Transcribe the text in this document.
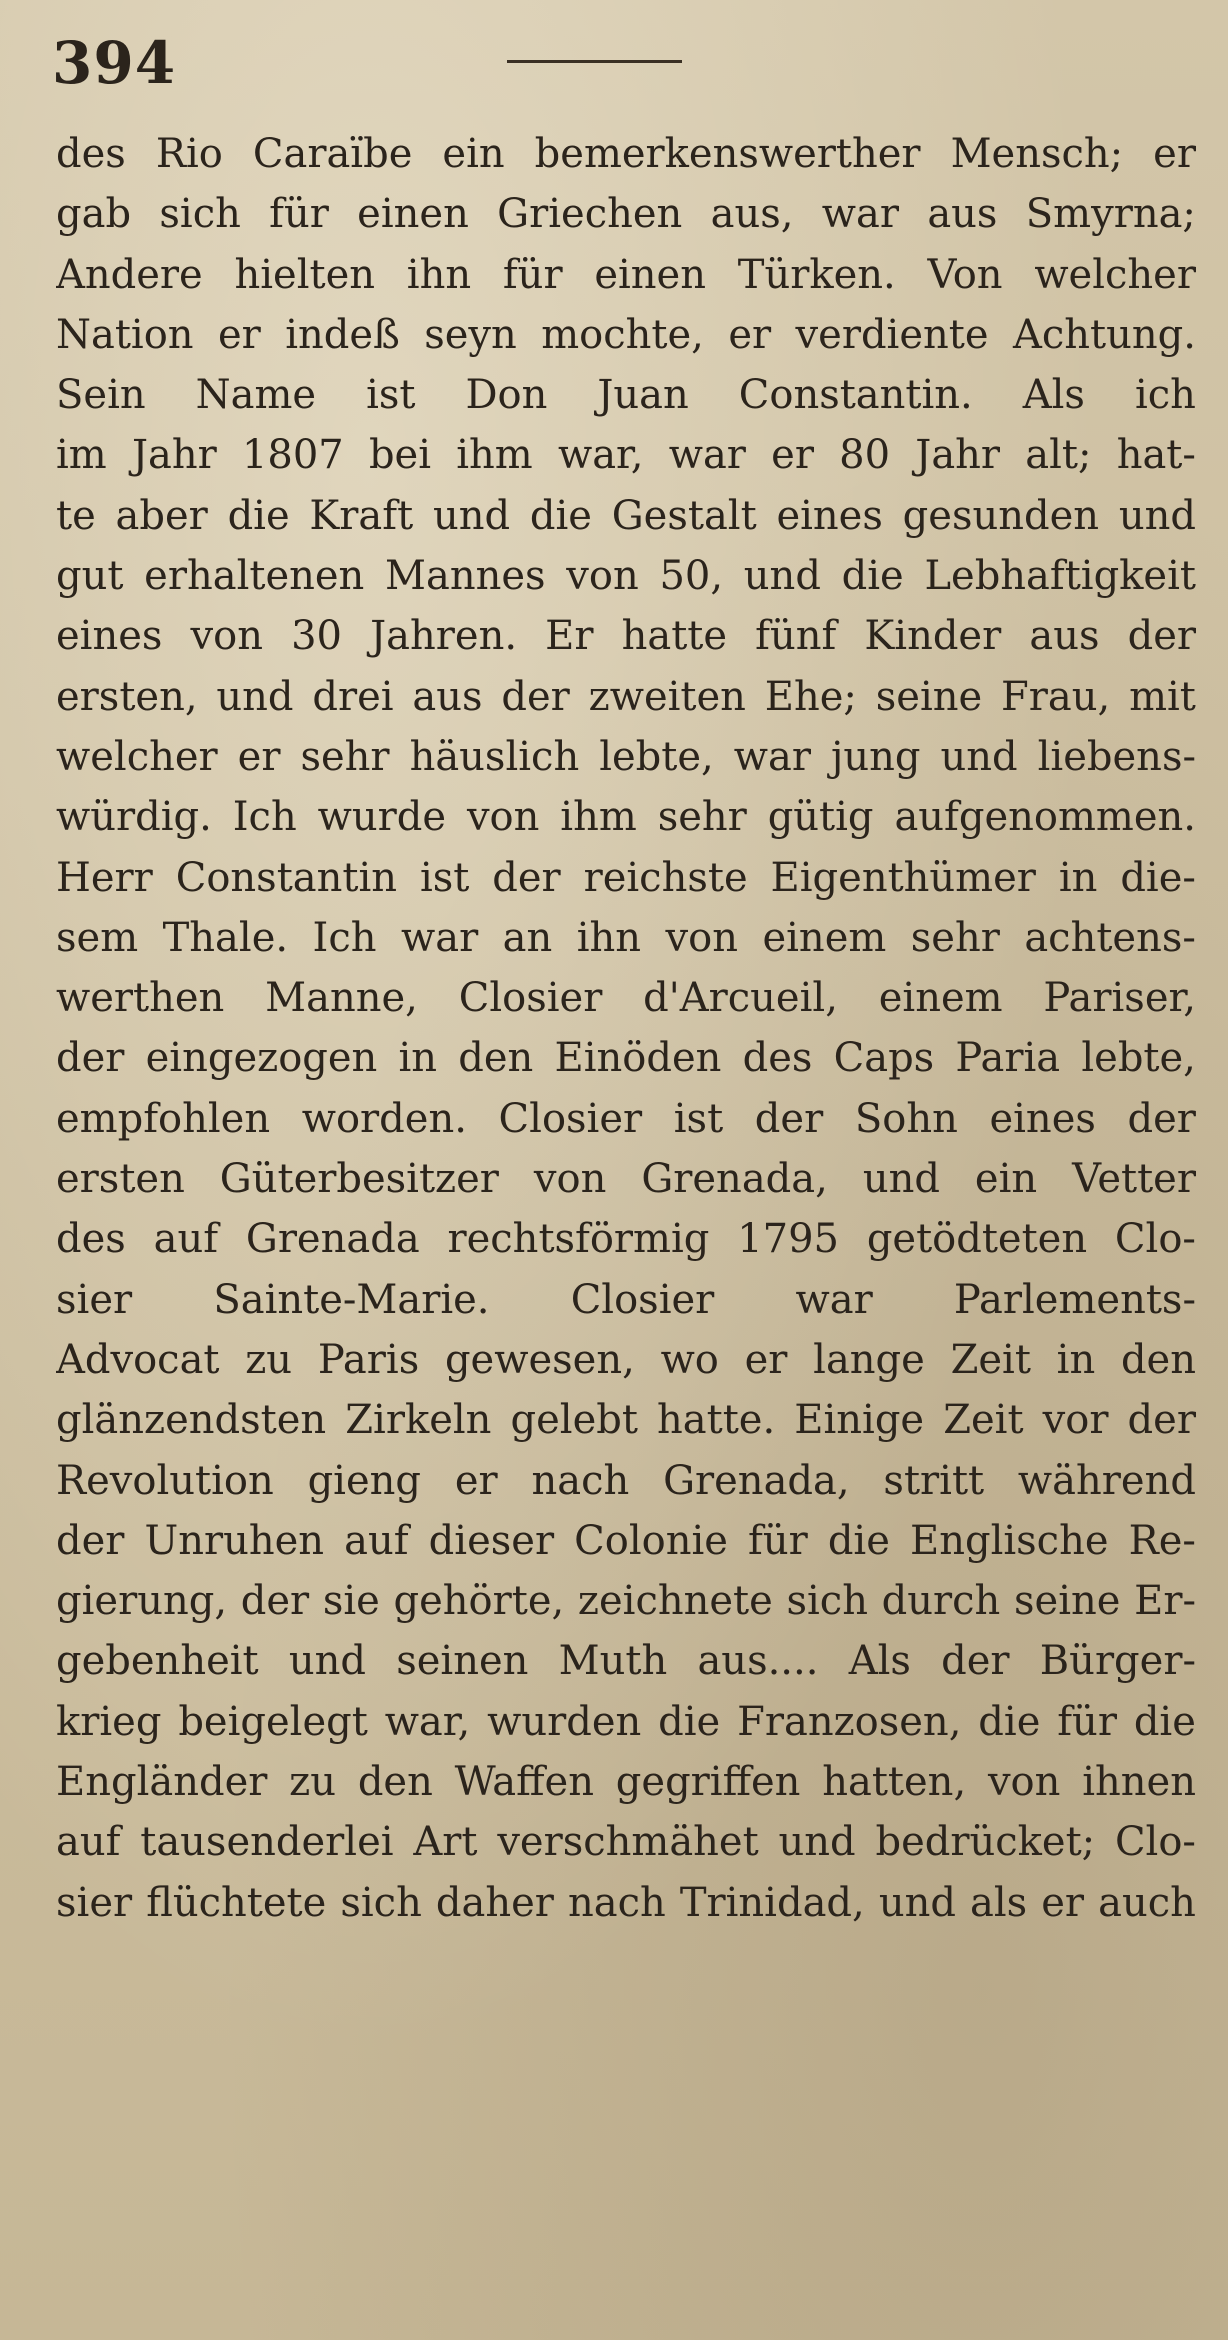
394
des Rio Caraïbe ein bemerkenswerther Mensch; er
gab sich für einen Griechen aus, war aus Smyrna;
Andere hielten ihn für einen Türken. Von welcher
Nation er indeß seyn mochte, er verdiente Achtung.
Sein Name ist Don Juan Constantin. Als ich
im Jahr 1807 bei ihm war, war er 80 Jahr alt; hat-
te aber die Kraft und die Gestalt eines gesunden und
gut erhaltenen Mannes von 50, und die Lebhaftigkeit
eines von 30 Jahren. Er hatte fünf Kinder aus der
ersten, und drei aus der zweiten Ehe; seine Frau, mit
welcher er sehr häuslich lebte, war jung und liebens-
würdig. Ich wurde von ihm sehr gütig aufgenommen.
Herr Constantin ist der reichste Eigenthümer in die-
sem Thale. Ich war an ihn von einem sehr achtens-
werthen Manne, Closier d'Arcueil, einem Pariser,
der eingezogen in den Einöden des Caps Paria lebte,
empfohlen worden. Closier ist der Sohn eines der
ersten Güterbesitzer von Grenada, und ein Vetter
des auf Grenada rechtsförmig 1795 getödteten Clo-
sier Sainte-Marie. Closier war Parlements-
Advocat zu Paris gewesen, wo er lange Zeit in den
glänzendsten Zirkeln gelebt hatte. Einige Zeit vor der
Revolution gieng er nach Grenada, stritt während
der Unruhen auf dieser Colonie für die Englische Re-
gierung, der sie gehörte, zeichnete sich durch seine Er-
gebenheit und seinen Muth aus.... Als der Bürger-
krieg beigelegt war, wurden die Franzosen, die für die
Engländer zu den Waffen gegriffen hatten, von ihnen
auf tausenderlei Art verschmähet und bedrücket; Clo-
sier flüchtete sich daher nach Trinidad, und als er auch
